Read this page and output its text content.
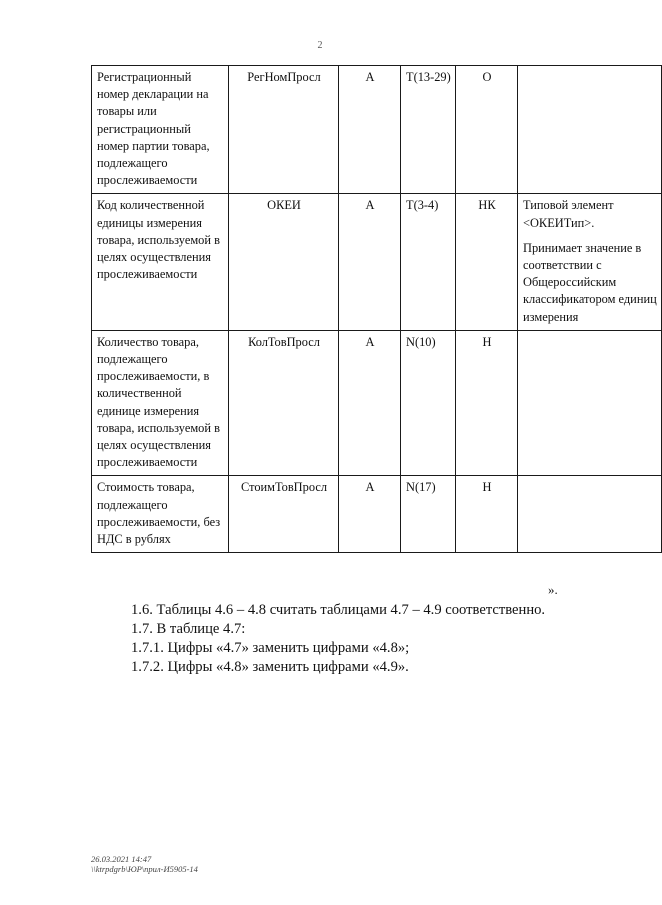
2
Регистрационный номер декларации на товары или регистрационный номер партии товара, подлежащего прослеживаемости	РегНомПросл	А	Т(13-29)	О	
Код количественной единицы измерения товара, используемой в целях осуществления прослеживаемости	ОКЕИ	А	Т(3-4)	НК	Типовой элемент <ОКЕИТип>.

Принимает значение в соответствии с Общероссийским классификатором единиц измерения

Количество товара, подлежащего прослеживаемости, в количественной единице измерения товара, используемой в целях осуществления прослеживаемости	КолТовПросл	А	N(10)	Н	
Стоимость товара, подлежащего прослеживаемости, без НДС в рублях	СтоимТовПросл	А	N(17)	Н	
».

1.6. Таблицы 4.6 – 4.8 считать таблицами 4.7 – 4.9 соответственно.

1.7. В таблице 4.7:

1.7.1. Цифры «4.7» заменить цифрами «4.8»;

1.7.2. Цифры «4.8» заменить цифрами «4.9».

26.03.2021 14:47
\\ktrpdgrb\ЮР\прил-И5905-14
